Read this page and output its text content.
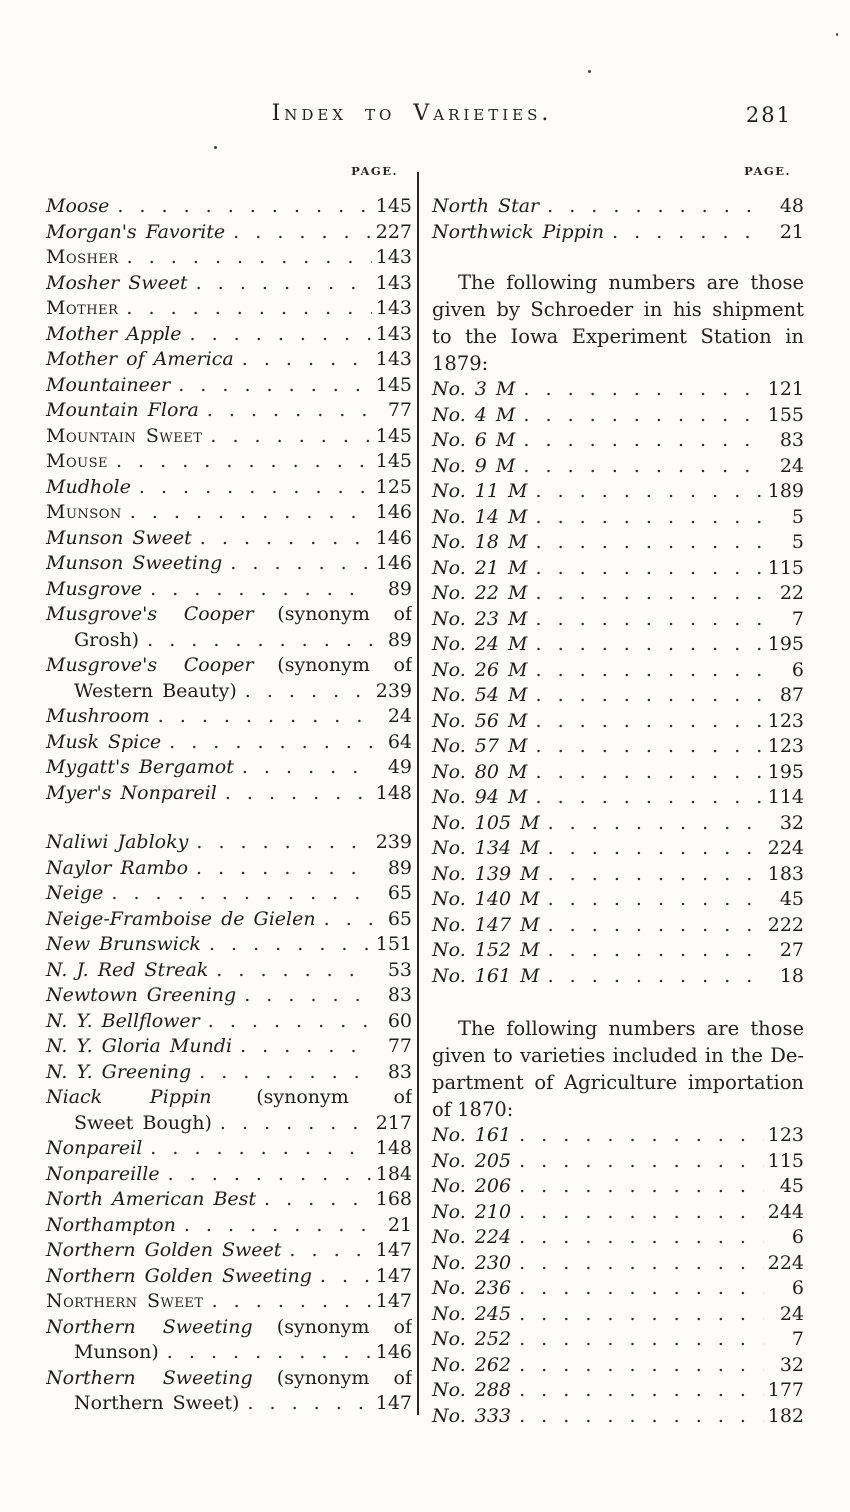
Index to Varieties.	281
PAGE.
Moose . . .	145
Morgan's Favorite . . .	227
Mosher . . .	143
Mosher Sweet . . .	143
Mother . . .	143
Mother Apple . . .	143
Mother of America . . .	143
Mountaineer . . .	145
Mountain Flora . . .	77
Mountain Sweet . . .	145
Mouse . . .	145
Mudhole . . .	125
Munson . . .	146
Munson Sweet . . .	146
Munson Sweeting . . .	146
Musgrove . . .	89
Musgrove's Cooper (synonym of
Grosh) . . .	89
Musgrove's Cooper (synonym of
Western Beauty) . . .	239
Mushroom . . .	24
Musk Spice . . .	64
Mygatt's Bergamot . . .	49
Myer's Nonpareil . . .	148
Naliwi Jabloky . . .	239
Naylor Rambo . . .	89
Neige . . .	65
Neige-Framboise de Gielen . . .	65
New Brunswick . . .	151
N. J. Red Streak . . .	53
Newtown Greening . . .	83
N. Y. Bellflower . . .	60
N. Y. Gloria Mundi . . .	77
N. Y. Greening . . .	83
Niack Pippin (synonym of
Sweet Bough) . . .	217
Nonpareil . . .	148
Nonpareille . . .	184
North American Best . . .	168
Northampton . . .	21
Northern Golden Sweet . . .	147
Northern Golden Sweeting . . .	147
Northern Sweet . . .	147
Northern Sweeting (synonym of
Munson) . . .	146
Northern Sweeting (synonym of
Northern Sweet) . . .	147
PAGE.
North Star . . .	48
Northwick Pippin . . .	21
The following numbers are those
given by Schroeder in his shipment
to the Iowa Experiment Station in
1879:
No. 3 M . . .	121
No. 4 M . . .	155
No. 6 M . . .	83
No. 9 M . . .	24
No. 11 M . . .	189
No. 14 M . . .	5
No. 18 M . . .	5
No. 21 M . . .	115
No. 22 M . . .	22
No. 23 M . . .	7
No. 24 M . . .	195
No. 26 M . . .	6
No. 54 M . . .	87
No. 56 M . . .	123
No. 57 M . . .	123
No. 80 M . . .	195
No. 94 M . . .	114
No. 105 M . . .	32
No. 134 M . . .	224
No. 139 M . . .	183
No. 140 M . . .	45
No. 147 M . . .	222
No. 152 M . . .	27
No. 161 M . . .	18
The following numbers are those
given to varieties included in the De-
partment of Agriculture importation
of 1870:
No. 161 . . .	123
No. 205 . . .	115
No. 206 . . .	45
No. 210 . . .	244
No. 224 . . .	6
No. 230 . . .	224
No. 236 . . .	6
No. 245 . . .	24
No. 252 . . .	7
No. 262 . . .	32
No. 288 . . .	177
No. 333 . . .	182
